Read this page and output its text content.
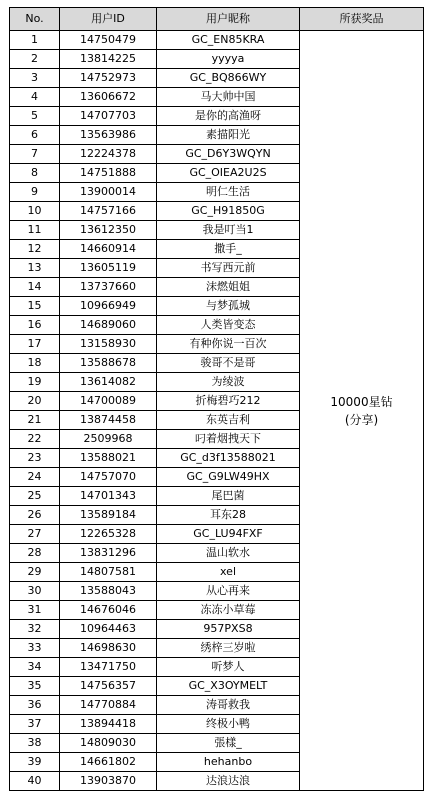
No.	用户ID	用户昵称	所获奖品
1	14750479	GC_EN85KRA	10000星钻
(分享)

2	13814225	yyyya	
3	14752973	GC_BQ866WY	
4	13606672	马大帅中国	
5	14707703	是你的高渔呀	
6	13563986	素描阳光	
7	12224378	GC_D6Y3WQYN	
8	14751888	GC_OIEA2U2S	
9	13900014	明仁生活	
10	14757166	GC_H91850G	
11	13612350	我是叮当1	
12	14660914	撒手_	
13	13605119	书写西元前	
14	13737660	沫燃姐姐	
15	10966949	与梦孤城	
16	14689060	人类皆变态	
17	13158930	有种你说一百次	
18	13588678	骏哥不是哥	
19	13614082	为绫波	
20	14700089	折梅碧巧212	
21	13874458	东英吉利	
22	2509968	叼着烟拽天下	
23	13588021	GC_d3f13588021	
24	14757070	GC_G9LW49HX	
25	14701343	尾巴菌	
26	13589184	耳东28	
27	12265328	GC_LU94FXF	
28	13831296	温山软水	
29	14807581	xel	
30	13588043	从心再来	
31	14676046	冻冻小草莓	
32	10964463	957PXS8	
33	14698630	绣梓三岁啦	
34	13471750	听梦人	
35	14756357	GC_X3OYMELT	
36	14770884	涛哥救我	
37	13894418	终极小鸭	
38	14809030	張樣_	
39	14661802	hehanbo	
40	13903870	达浪达浪	
